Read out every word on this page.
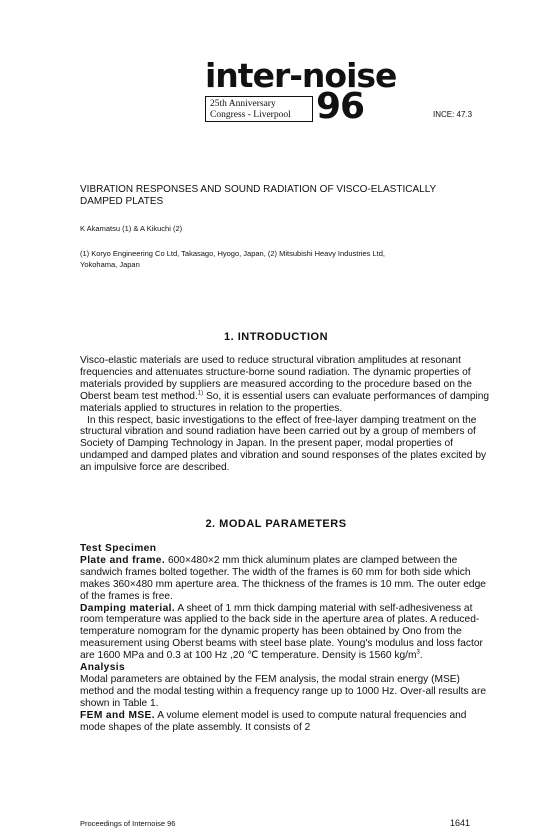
inter-noise
25th Anniversary
Congress - Liverpool 96	INCE: 47.3
VIBRATION RESPONSES AND SOUND RADIATION OF VISCO-ELASTICALLY
DAMPED PLATES
K Akamatsu (1) & A Kikuchi (2)
(1) Koryo Engineering Co Ltd, Takasago, Hyogo, Japan, (2) Mitsubishi Heavy Industries Ltd,
Yokohama, Japan
1. INTRODUCTION

Visco-elastic materials are used to reduce structural vibration amplitudes at resonant frequencies and attenuates structure-borne sound radiation. The dynamic properties of materials provided by suppliers are measured according to the procedure based on the Oberst beam test method.$^{1)}$ So, it is essential users can evaluate performances of damping materials applied to structures in relation to the properties.

In this respect, basic investigations to the effect of free-layer damping treatment on the structural vibration and sound radiation have been carried out by a group of members of Society of Damping Technology in Japan. In the present paper, modal properties of undamped and damped plates and vibration and sound responses of the plates excited by an impulsive force are described.

2. MODAL PARAMETERS

Test Specimen

Plate and frame. 600×480×2 mm thick aluminum plates are clamped between the sandwich frames bolted together. The width of the frames is 60 mm for both side which makes 360×480 mm aperture area. The thickness of the frames is 10 mm. The outer edge of the frames is free.

Damping material. A sheet of 1 mm thick damping material with self-adhesiveness at room temperature was applied to the back side in the aperture area of plates. A reduced-temperature nomogram for the dynamic property has been obtained by Ono from the measurement using Oberst beams with steel base plate. Young's modulus and loss factor are 1600 MPa and 0.3 at 100 Hz ,20 ℃ temperature. Density is 1560 $kg/m^3$.

Analysis

Modal parameters are obtained by the FEM analysis, the modal strain energy (MSE) method and the modal testing within a frequency range up to 1000 Hz. Over-all results are shown in Table 1.

FEM and MSE. A volume element model is used to compute natural frequencies and mode shapes of the plate assembly. It consists of 2

Proceedings of Internoise 96	1641
